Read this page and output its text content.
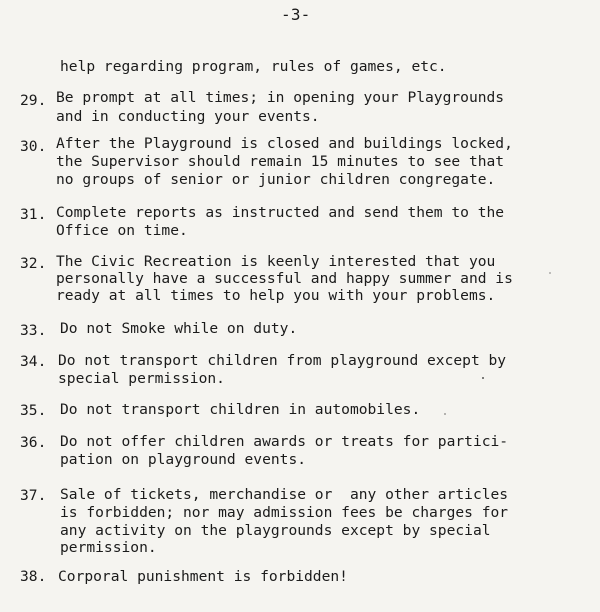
-3-
help regarding program, rules of games, etc.
29. Be prompt at all times; in opening your Playgrounds
and in conducting your events.
30. After the Playground is closed and buildings locked,
the Supervisor should remain 15 minutes to see that
no groups of senior or junior children congregate.
31. Complete reports as instructed and send them to the
Office on time.
32. The Civic Recreation is keenly interested that you
personally have a successful and happy summer and is
ready at all times to help you with your problems.
33. Do not Smoke while on duty.
34. Do not transport children from playground except by
special permission.
35. Do not transport children in automobiles.
36. Do not offer children awards or treats for partici-
pation on playground events.
37. Sale of tickets, merchandise or  any other articles
is forbidden; nor may admission fees be charges for
any activity on the playgrounds except by special
permission.
38. Corporal punishment is forbidden!
